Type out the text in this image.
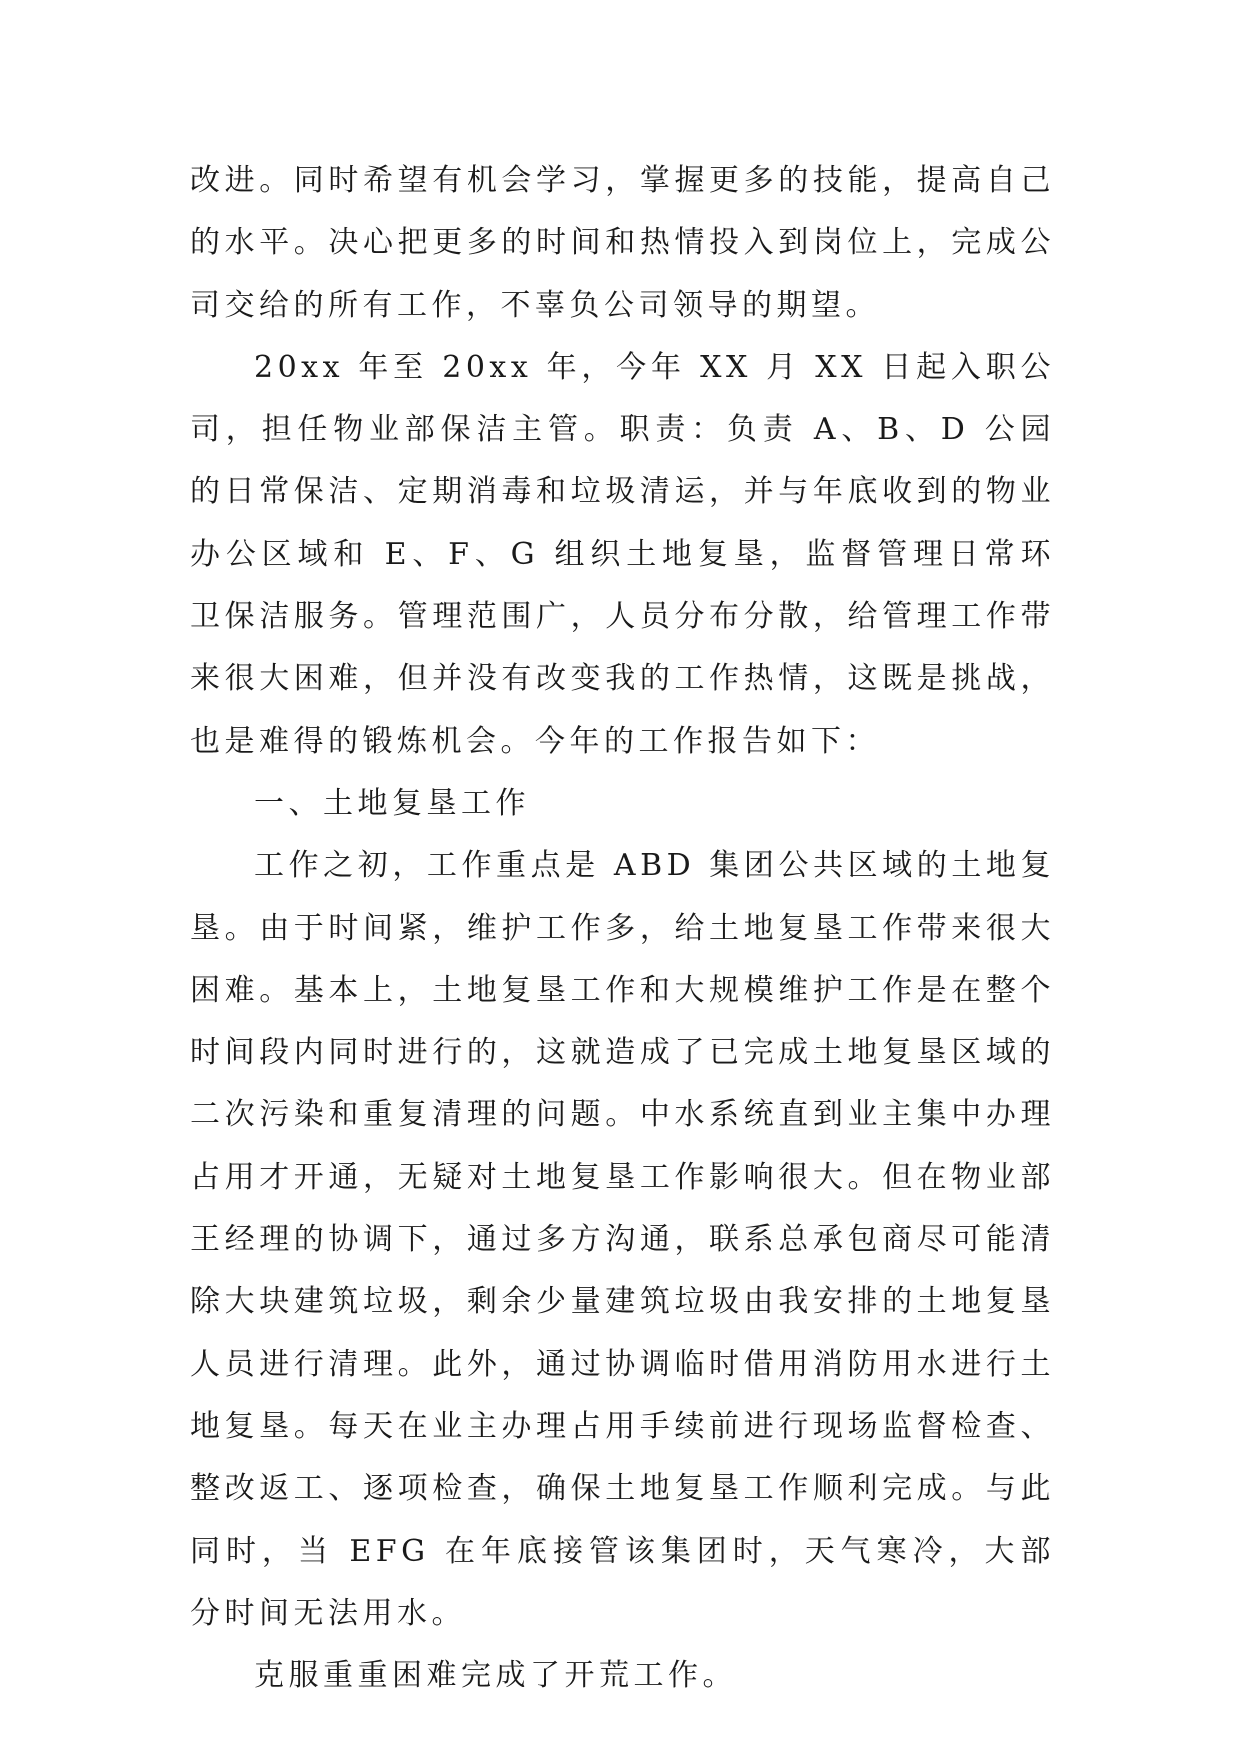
改进。同时希望有机会学习，掌握更多的技能，提高自己的水平。决心把更多的时间和热情投入到岗位上，完成公司交给的所有工作，不辜负公司领导的期望。

20xx 年至 20xx 年，今年 XX 月 XX 日起入职公司，担任物业部保洁主管。职责：负责 A、B、D 公园的日常保洁、定期消毒和垃圾清运，并与年底收到的物业办公区域和 E、F、G 组织土地复垦，监督管理日常环卫保洁服务。管理范围广，人员分布分散，给管理工作带来很大困难，但并没有改变我的工作热情，这既是挑战，也是难得的锻炼机会。今年的工作报告如下：

一、土地复垦工作

工作之初，工作重点是 ABD 集团公共区域的土地复垦。由于时间紧，维护工作多，给土地复垦工作带来很大困难。基本上，土地复垦工作和大规模维护工作是在整个时间段内同时进行的，这就造成了已完成土地复垦区域的二次污染和重复清理的问题。中水系统直到业主集中办理占用才开通，无疑对土地复垦工作影响很大。但在物业部王经理的协调下，通过多方沟通，联系总承包商尽可能清除大块建筑垃圾，剩余少量建筑垃圾由我安排的土地复垦人员进行清理。此外，通过协调临时借用消防用水进行土地复垦。每天在业主办理占用手续前进行现场监督检查、整改返工、逐项检查，确保土地复垦工作顺利完成。与此同时，当 EFG 在年底接管该集团时，天气寒冷，大部分时间无法用水。

克服重重困难完成了开荒工作。
